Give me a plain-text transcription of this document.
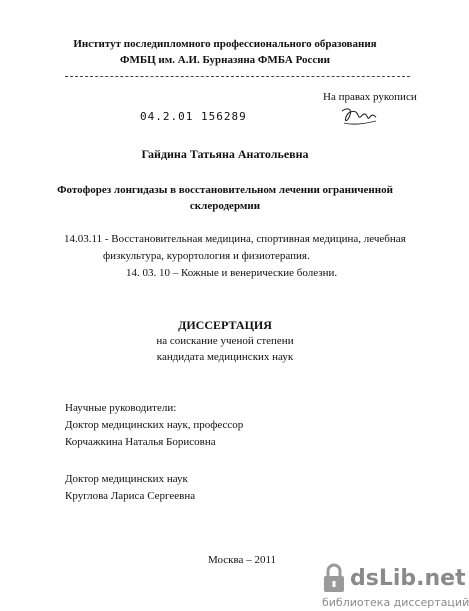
Институт последипломного профессионального образования
ФМБЦ им. А.И. Бурназяна ФМБА России
На правах рукописи
04.2.01 156289
Гайдина Татьяна Анатольевна
Фотофорез лонгидазы в восстановительном лечении ограниченной
склеродермии
14.03.11 - Восстановительная медицина, спортивная медицина, лечебная
физкультура, курортология и физиотерапия.
14. 03. 10 – Кожные и венерические болезни.
ДИССЕРТАЦИЯ
на соискание ученой степени
кандидата медицинских наук
Научные руководители:
Доктор медицинских наук, профессор
Корчажкина Наталья Борисовна
Доктор медицинских наук
Круглова Лариса Сергеевна
Москва – 2011
dsLib.net
библиотека диссертаций
